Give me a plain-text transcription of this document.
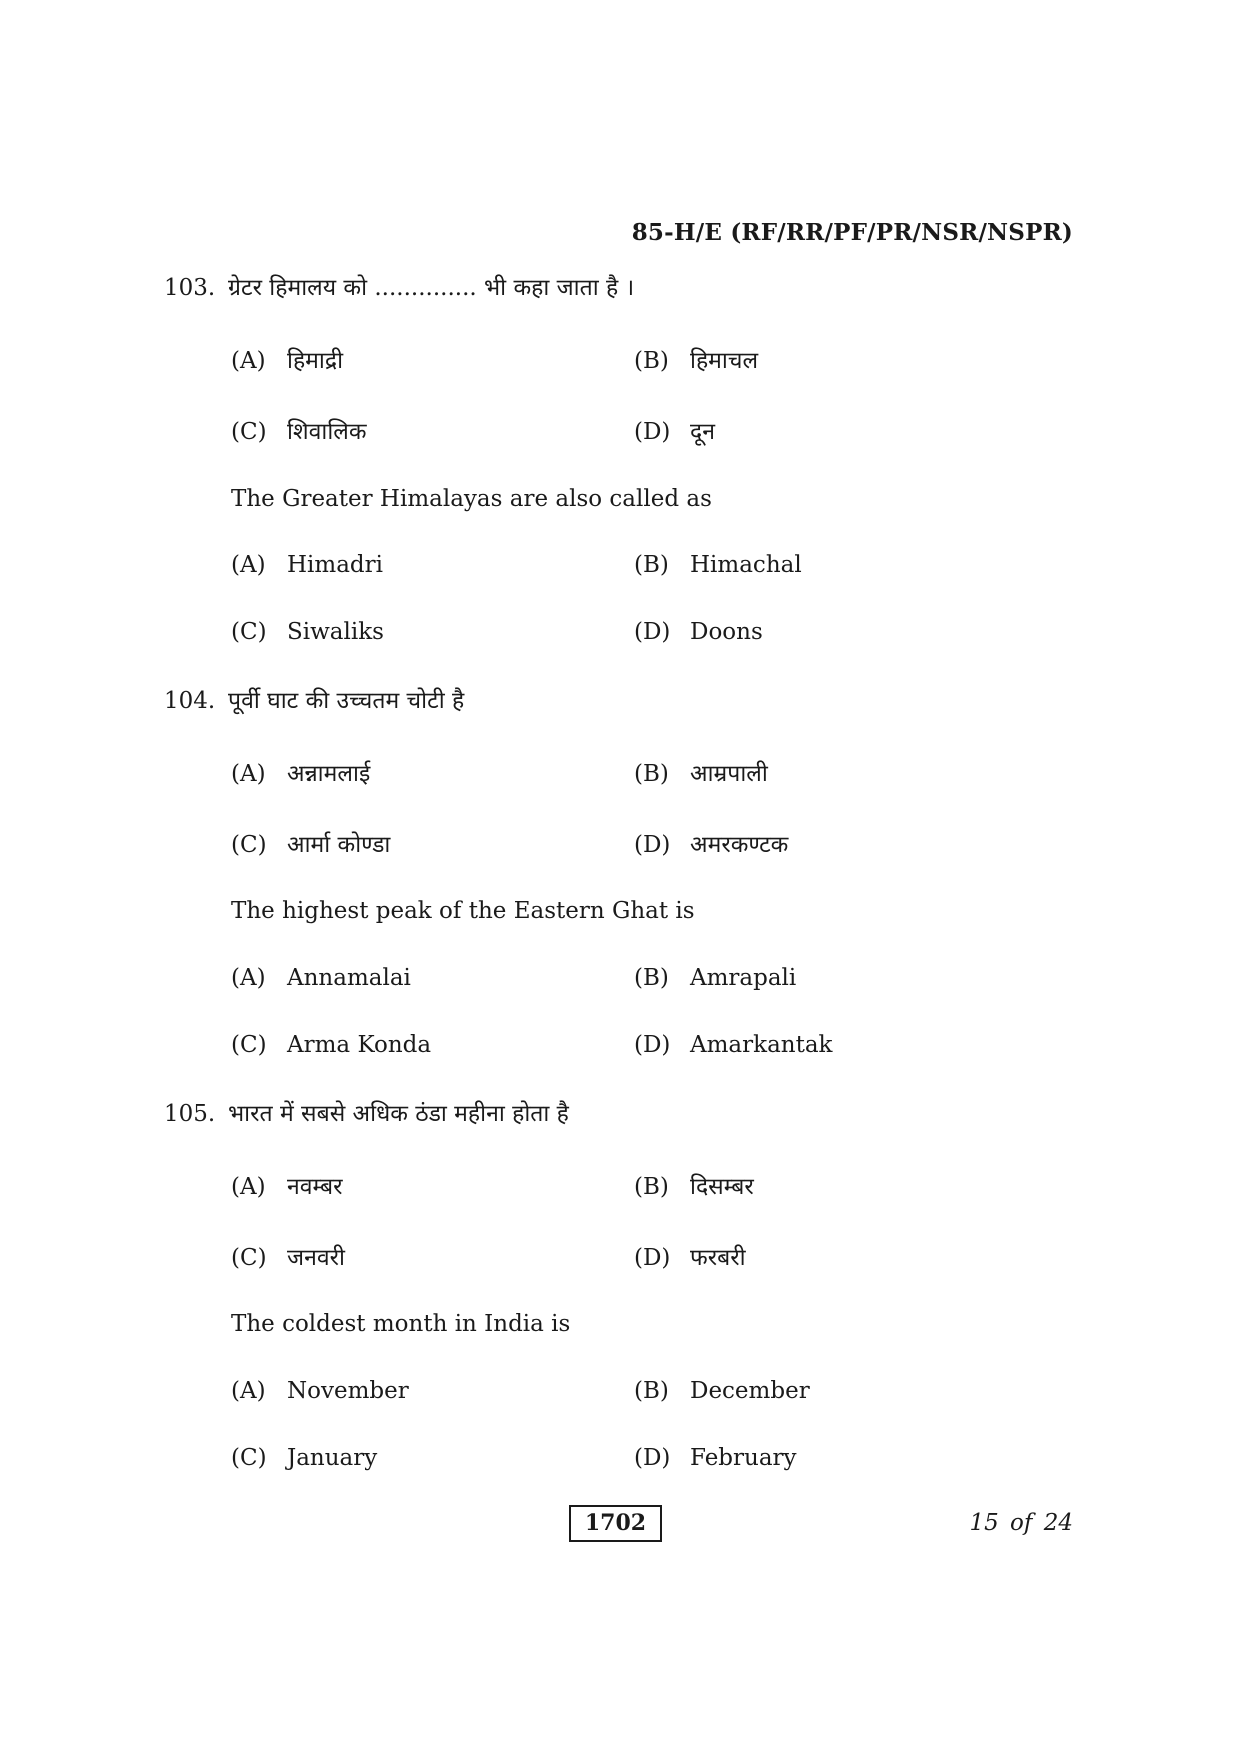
85-H/E (RF/RR/PF/PR/NSR/NSPR)
103. ग्रेटर हिमालय को .............. भी कहा जाता है ।
(A) हिमाद्री	(B) हिमाचल
(C) शिवालिक	(D) दून
The Greater Himalayas are also called as
(A) Himadri	(B) Himachal
(C) Siwaliks	(D) Doons
104. पूर्वी घाट की उच्चतम चोटी है
(A) अन्नामलाई	(B) आम्रपाली
(C) आर्मा कोण्डा	(D) अमरकण्टक
The highest peak of the Eastern Ghat is
(A) Annamalai	(B) Amrapali
(C) Arma Konda	(D) Amarkantak
105. भारत में सबसे अधिक ठंडा महीना होता है
(A) नवम्बर	(B) दिसम्बर
(C) जनवरी	(D) फरबरी
The coldest month in India is
(A) November	(B) December
(C) January	(D) February
1702	15 of 24
